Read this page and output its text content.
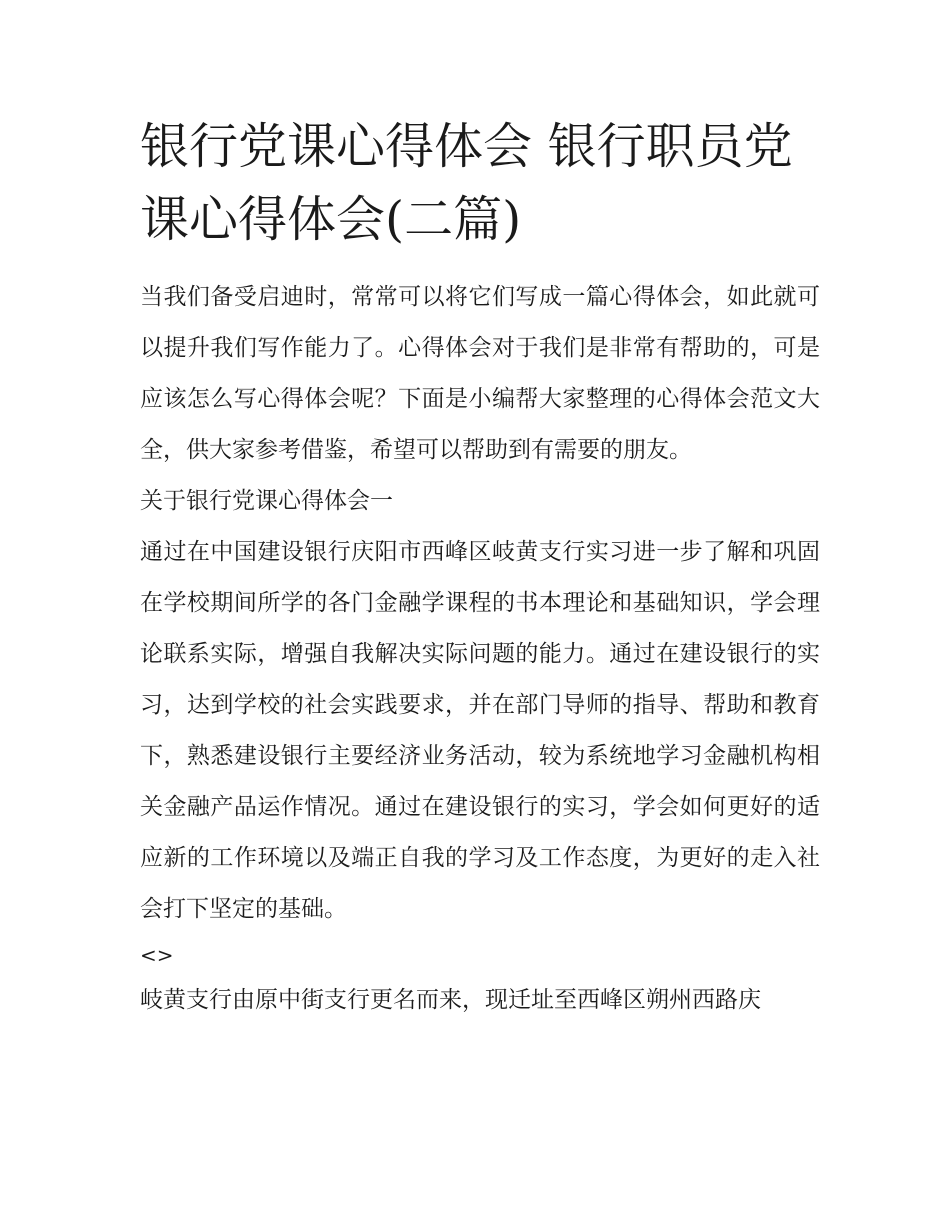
银行党课心得体会 银行职员党课心得体会(二篇)

当我们备受启迪时，常常可以将它们写成一篇心得体会，如此就可以提升我们写作能力了。心得体会对于我们是非常有帮助的，可是应该怎么写心得体会呢？下面是小编帮大家整理的心得体会范文大全，供大家参考借鉴，希望可以帮助到有需要的朋友。

关于银行党课心得体会一

通过在中国建设银行庆阳市西峰区岐黄支行实习进一步了解和巩固在学校期间所学的各门金融学课程的书本理论和基础知识，学会理论联系实际，增强自我解决实际问题的能力。通过在建设银行的实习，达到学校的社会实践要求，并在部门导师的指导、帮助和教育下，熟悉建设银行主要经济业务活动，较为系统地学习金融机构相关金融产品运作情况。通过在建设银行的实习，学会如何更好的适应新的工作环境以及端正自我的学习及工作态度，为更好的走入社会打下坚定的基础。

<>

岐黄支行由原中街支行更名而来，现迁址至西峰区朔州西路庆
